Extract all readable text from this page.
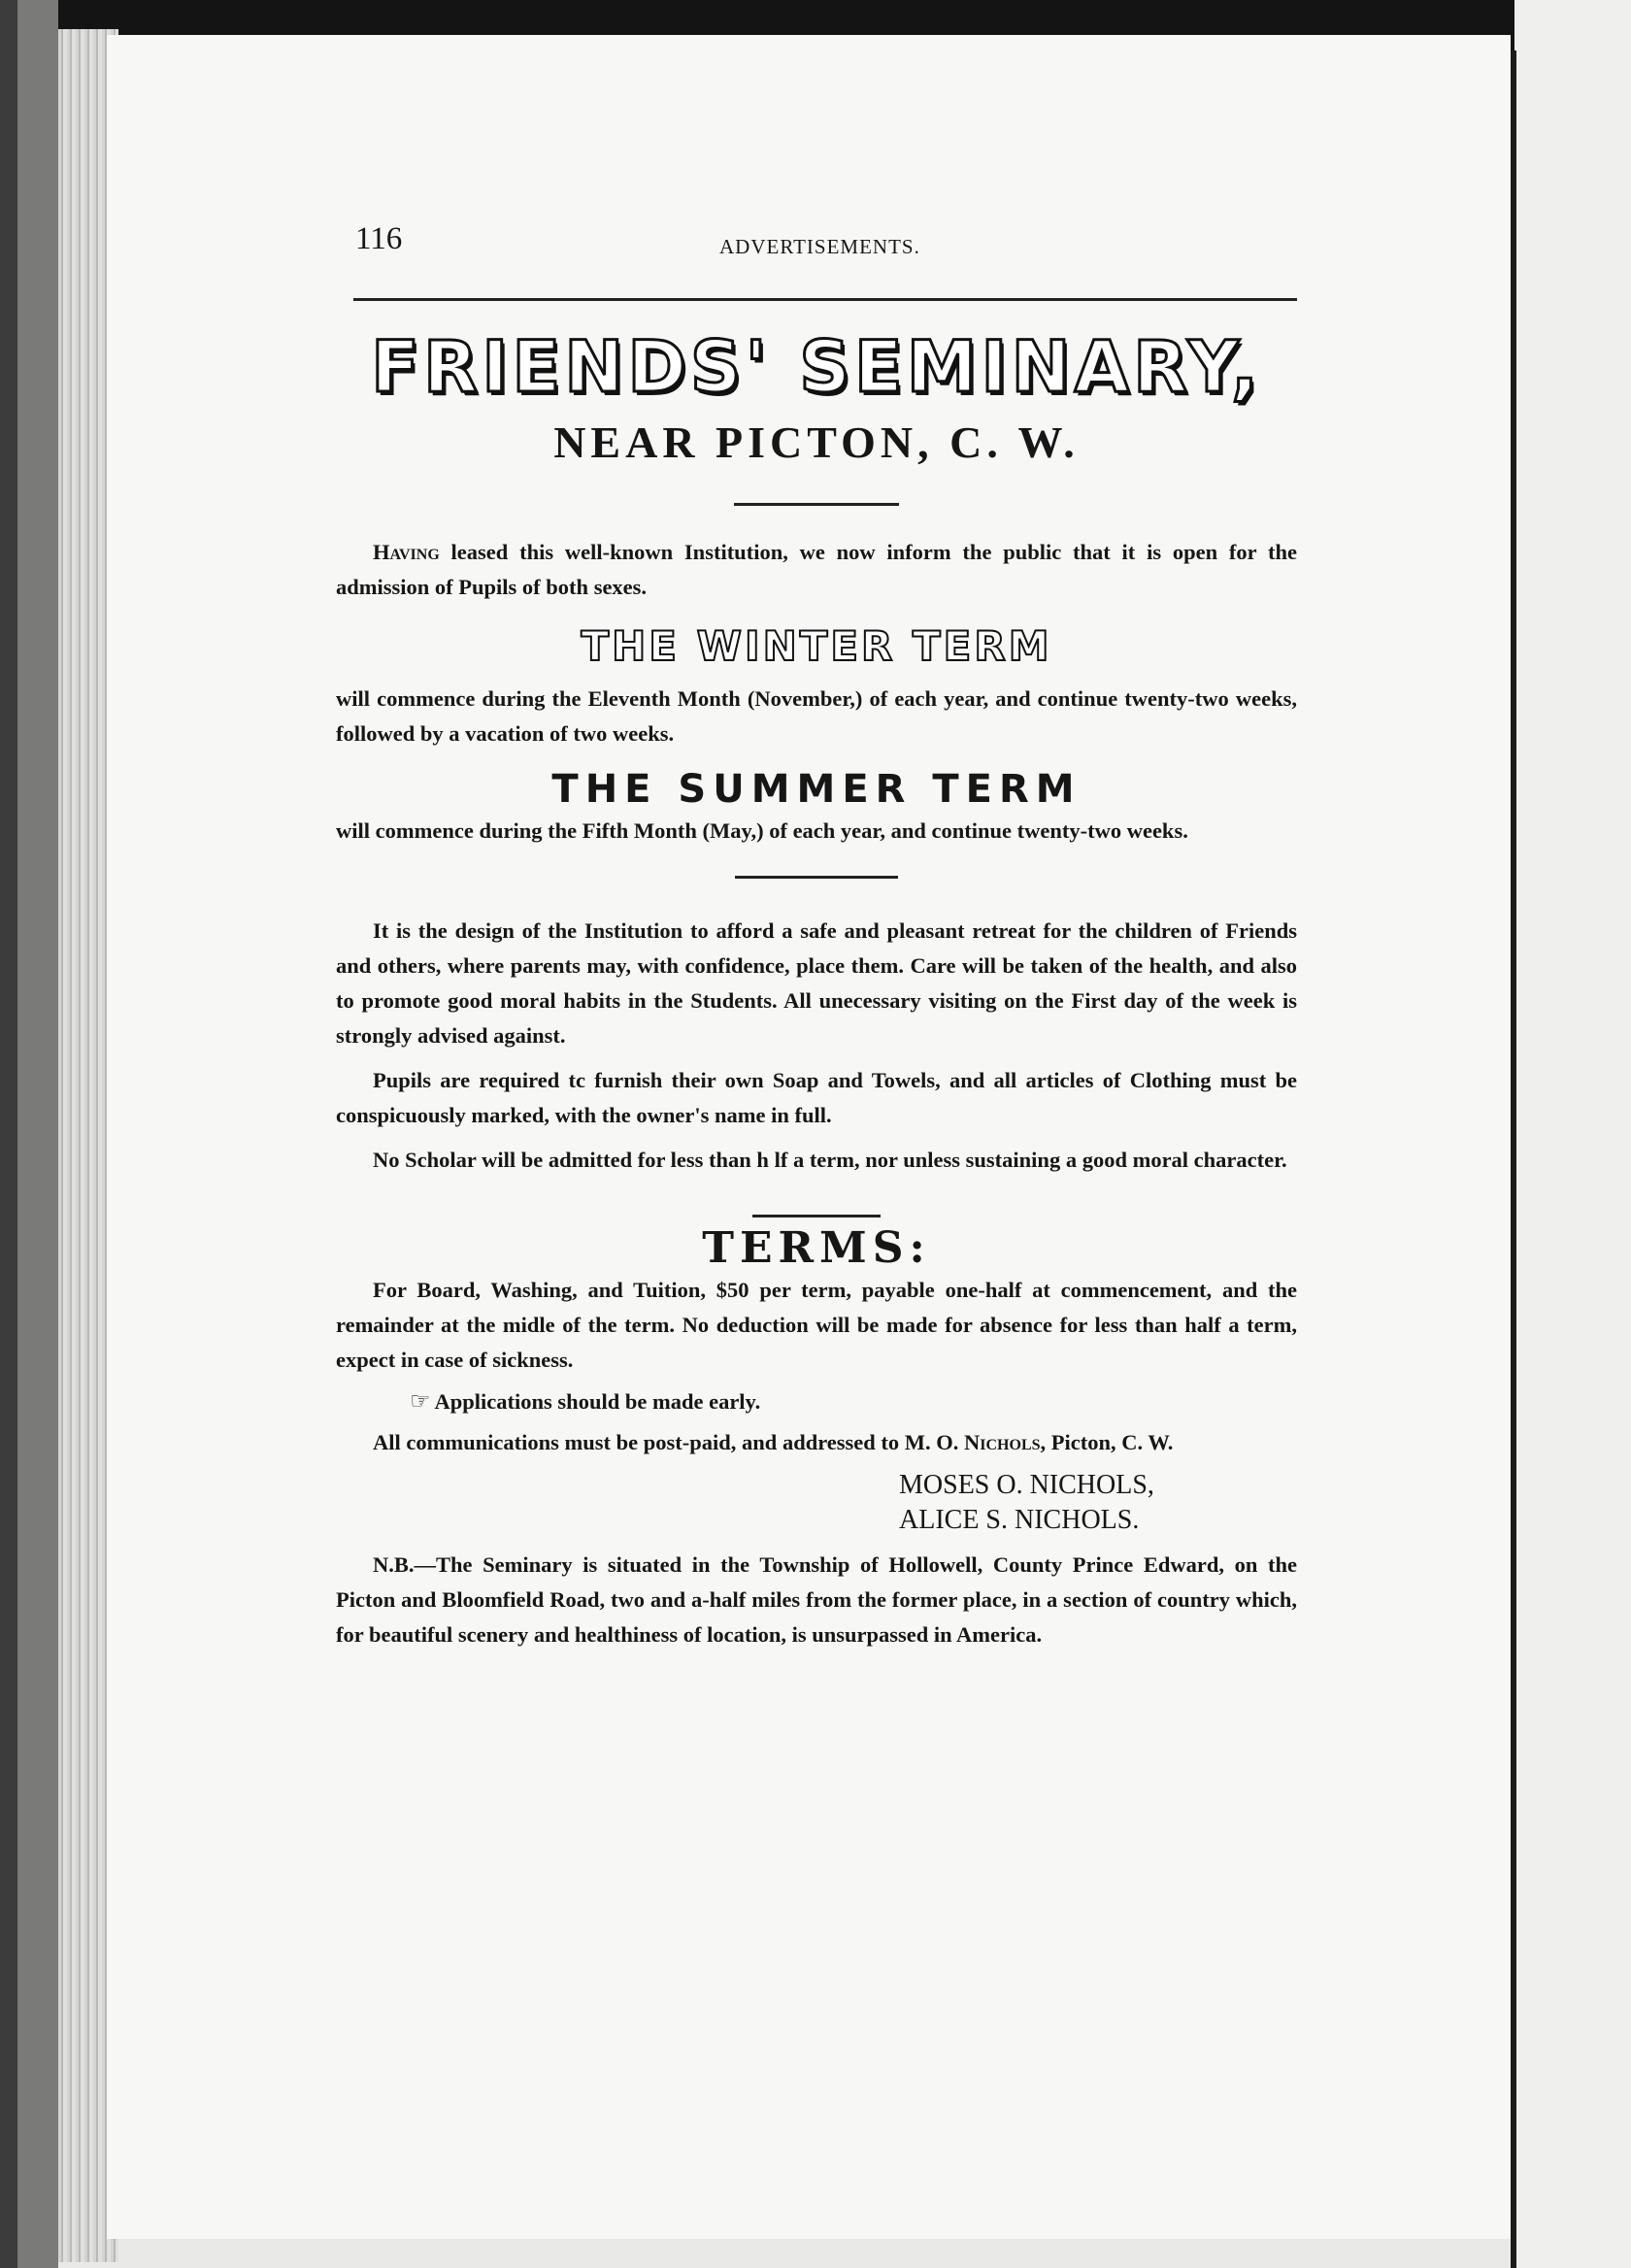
116	ADVERTISEMENTS.
FRIENDS' SEMINARY,
NEAR PICTON, C. W.
Having leased this well-known Institution, we now inform the public that it is open for the admission of Pupils of both sexes.
THE WINTER TERM
will commence during the Eleventh Month (November,) of each year, and continue twenty-two weeks, followed by a vacation of two weeks.
THE SUMMER TERM
will commence during the Fifth Month (May,) of each year, and continue twenty-two weeks.
It is the design of the Institution to afford a safe and pleasant retreat for the children of Friends and others, where parents may, with confidence, place them. Care will be taken of the health, and also to promote good moral habits in the Students. All unecessary visiting on the First day of the week is strongly advised against.
Pupils are required tc furnish their own Soap and Towels, and all articles of Clothing must be conspicuously marked, with the owner's name in full.
No Scholar will be admitted for less than h lf a term, nor unless sustaining a good moral character.
TERMS:
For Board, Washing, and Tuition, $50 per term, payable one-half at commencement, and the remainder at the midle of the term. No deduction will be made for absence for less than half a term, expect in case of sickness.
☞ Applications should be made early.
All communications must be post-paid, and addressed to M. O. Nichols, Picton, C. W.
MOSES O. NICHOLS,
ALICE S. NICHOLS.
N.B.—The Seminary is situated in the Township of Hollowell, County Prince Edward, on the Picton and Bloomfield Road, two and a-half miles from the former place, in a section of country which, for beautiful scenery and healthiness of location, is unsurpassed in America.
